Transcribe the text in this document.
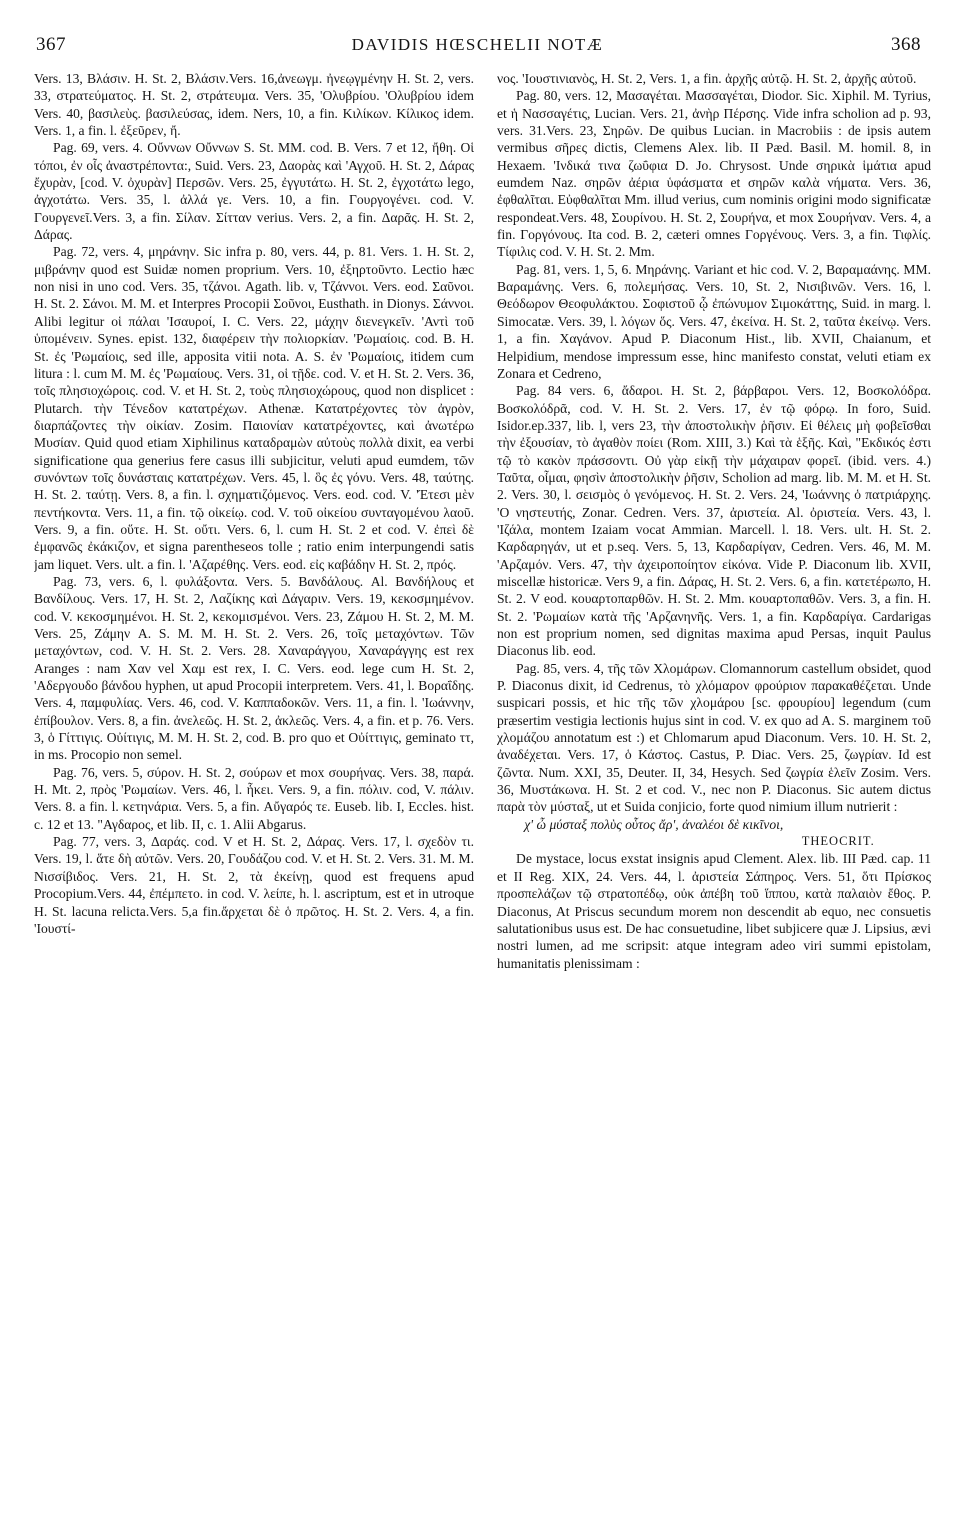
367	DAVIDIS HŒSCHELII NOTÆ	368

Vers. 13, Βλάσιν. H. St. 2, Βλάσιν.Vers. 16,ἀνεωγμ. ἠνεῳγμένην H. St. 2, vers. 33, στρατεύματος. H. St. 2, στράτευμα. Vers. 35, 'Ολυβρίου. 'Ολυβρίου idem Vers. 40, βασιλεὺς. βασιλεύσας, idem. Ners, 10, a fin. Κιλίκων. Κίλικος idem. Vers. 1, a fin. l. ἐξεῦρεν, ἤ.

Pag. 69, vers. 4. Οὔννων Οὔννων S. St. MM. cod. B. Vers. 7 et 12, ἤθη. Οἱ τόποι, ἐν οἷς ἀναστρέποντα:, Suid. Vers. 23, Δαορὰς καὶ 'Αγχοῦ. H. St. 2, Δάρας ἔχυρὰν, [cod. V. ὀχυρὰν] Περσῶν. Vers. 25, ἐγγυτάτω. H. St. 2, ἐγχοτάτω lego, ἀγχοτάτω. Vers. 35, l. ἀλλά γε. Vers. 10, a fin. Γουργογένει. cod. V. Γουργενεῖ.Vers. 3, a fin. Σίλαν. Σίτταν verius. Vers. 2, a fin. Δαρᾶς. H. St. 2, Δάρας.

Pag. 72, vers. 4, μηράνην. Sic infra p. 80, vers. 44, p. 81. Vers. 1. H. St. 2, μιβράνην quod est Suidæ nomen proprium. Vers. 10, ἐξηρτοῦντο. Lectio hæc non nisi in uno cod. Vers. 35, τζάνοι. Agath. lib. v, Τζάννοι. Vers. eod. Σαῦνοι. H. St. 2. Σάνοι. M. M. et Interpres Procopii Σοῦνοι, Eusthath. in Dionys. Σάννοι. Alibi legitur οἱ πάλαι 'Ισαυροί, I. C. Vers. 22, μάχην διενεγκεῖν. 'Αντὶ τοῦ ὑπομένειν. Synes. epist. 132, διαφέρειν τὴν πολιορκίαν. 'Ρωμαίοις. cod. B. H. St. ἐς 'Ρωμαίοις, sed ille, apposita vitii nota. A. S. ἐν 'Ρωμαίοις, itidem cum litura : l. cum M. M. ἐς 'Ρωμαίους. Vers. 31, οἱ τῇδε. cod. V. et H. St. 2. Vers. 36, τοῖς πλησιοχώροις. cod. V. et H. St. 2, τοὺς πλησιοχώρους, quod non displicet : Plutarch. τὴν Τένεδον κατατρέχων. Athenæ. Κατατρέχοντες τὸν ἀγρὸν, διαρπάζοντες τὴν οἰκίαν. Zosim. Παιονίαν κατατρέχοντες, καὶ ἀνωτέρω Μυσίαν. Quid quod etiam Xiphilinus καταδραμὼν αὐτοὺς πολλὰ dixit, ea verbi significatione qua generius fere casus illi subjicitur, veluti apud eumdem, τῶν συνόντων τοῖς δυνάσταις κατατρέχων. Vers. 45, l. ὃς ἐς γόνυ. Vers. 48, ταύτης. H. St. 2. ταύτῃ. Vers. 8, a fin. l. σχηματιζόμενος. Vers. eod. cod. V. 'Έτεσι μὲν πεντήκοντα. Vers. 11, a fin. τῷ οἰκείῳ. cod. V. τοῦ οἰκείου συνταγομένου λαοῦ. Vers. 9, a fin. οὕτε. H. St. οὔτι. Vers. 6, l. cum H. St. 2 et cod. V. ἐπεὶ δὲ ἐμφανῶς ἐκάκιζον, et signa parentheseos tolle ; ratio enim interpungendi satis jam liquet. Vers. ult. a fin. l. 'Αζαρέθης. Vers. eod. εἰς καβάδην H. St. 2, πρός.

Pag. 73, vers. 6, l. φυλάξοντα. Vers. 5. Βανδάλους. Al. Βανδήλους et Βανδίλους. Vers. 17, H. St. 2, Λαζίκης καὶ Δάγαριν. Vers. 19, κεκοσμημένον. cod. V. κεκοσμημένοι. H. St. 2, κεκομισμένοι. Vers. 23, Ζάμου H. St. 2, M. M. Vers. 25, Ζάμην A. S. M. M. H. St. 2. Vers. 26, τοῖς μεταχόντων. Τῶν μεταχόντων, cod. V. H. St. 2. Vers. 28. Χαναράγγου, Χαναράγγης est rex Aranges : nam Χαν vel Χαμ est rex, I. C. Vers. eod. lege cum H. St. 2, 'Αδεργουδο βάνδου hyphen, ut apud Procopii interpretem. Vers. 41, l. Βοραΐδης. Vers. 4, παμφυλίας. Vers. 46, cod. V. Καππαδοκῶν. Vers. 11, a fin. l. 'Ιωάννην, ἐπίβουλον. Vers. 8, a fin. ἀνελεῶς. H. St. 2, ἀκλεῶς. Vers. 4, a fin. et p. 76. Vers. 3, ὁ Γίττιγις. Οὐίτιγις, M. M. H. St. 2, cod. B. pro quo et Οὐίττιγις, geminato ττ, in ms. Procopio non semel.

Pag. 76, vers. 5, σύρον. H. St. 2, σούρων et mox σουρήνας. Vers. 38, παρά. H. Mt. 2, πρὸς 'Ρωμαίων. Vers. 46, l. ἧκει. Vers. 9, a fin. πόλιν. cod, V. πάλιν. Vers. 8. a fin. l. κετηνάρια. Vers. 5, a fin. Αὔγαρός τε. Euseb. lib. I, Eccles. hist. c. 12 et 13. "Αγδαρος, et lib. II, c. 1. Alii Abgarus.

Pag. 77, vers. 3, Δαράς. cod. V et H. St. 2, Δάρας. Vers. 17, l. σχεδὸν τι. Vers. 19, l. ἅτε δὴ αὐτῶν. Vers. 20, Γουδάζου cod. V. et H. St. 2. Vers. 31. M. M. Νισσίβιδος. Vers. 21, H. St. 2, τὰ ἐκείνῃ, quod est frequens apud Procopium.Vers. 44, ἐπέμπετο. in cod. V. λείπε, h. l. ascriptum, est et in utroque H. St. lacuna relicta.Vers. 5,a fin.ἄρχεται δὲ ὁ πρῶτος. H. St. 2. Vers. 4, a fin. 'Ιουστί-

νος. 'Ιουστινιανὸς, H. St. 2, Vers. 1, a fin. ἀρχῆς αὐτῷ. H. St. 2, ἀρχῆς αὐτοῦ.

Pag. 80, vers. 12, Μασαγέται. Μασσαγέται, Diodor. Sic. Xiphil. M. Tyrius, et ἡ Νασσαγέτις, Lucian. Vers. 21, ἀνὴρ Πέρσης. Vide infra scholion ad p. 93, vers. 31.Vers. 23, Σηρῶν. De quibus Lucian. in Macrobiis : de ipsis autem vermibus σῆρες dictis, Clemens Alex. lib. II Pæd. Basil. M. homil. 8, in Hexaem. 'Ινδικά τινα ζωΰφια D. Jo. Chrysost. Unde σηρικὰ ἱμάτια apud eumdem Naz. σηρῶν ἀέρια ὑφάσματα et σηρῶν καλὰ νήματα. Vers. 36, ἐφθαλῖται. Εὐφθαλῖται Mm. illud verius, cum nominis origini modo significatæ respondeat.Vers. 48, Σουρίνου. H. St. 2, Σουρήνα, et mox Σουρήναν. Vers. 4, a fin. Γοργόνους. Ita cod. B. 2, cæteri omnes Γοργένους. Vers. 3, a fin. Τιφλίς. Τίφιλις cod. V. H. St. 2. Mm.

Pag. 81, vers. 1, 5, 6. Μηράνης. Variant et hic cod. V. 2, Βαραμαάνης. MM. Βαραμάνης. Vers. 6, πολεμήσας. Vers. 10, St. 2, Νισιβινῶν. Vers. 16, l. Θεόδωρον Θεοφυλάκτου. Σοφιστοῦ ᾧ ἐπώνυμον Σιμοκάττης, Suid. in marg. l. Simocatæ. Vers. 39, l. λόγων ὅς. Vers. 47, ἐκείνα. H. St. 2, ταῦτα ἐκείνῳ. Vers. 1, a fin. Χαγάνον. Apud P. Diaconum Hist., lib. XVII, Chaianum, et Helpidium, mendose impressum esse, hinc manifesto constat, veluti etiam ex Zonara et Cedreno,

Pag. 84 vers. 6, ἄδαροι. H. St. 2, βάρβαροι. Vers. 12, Βοσκολόδρα. Βοσκολόδρᾶ, cod. V. H. St. 2. Vers. 17, ἐν τῷ φόρῳ. In foro, Suid. Isidor.ep.337, lib. l, vers 23, τὴν ἀποστολικὴν ῥῆσιν. Εἰ θέλεις μὴ φοβεῖσθαι τὴν ἐξουσίαν, τὸ ἀγαθὸν ποίει (Rom. XIII, 3.) Καὶ τὰ ἑξῆς. Καὶ, "Εκδικός ἐστι τῷ τὸ κακὸν πράσσοντι. Οὐ γὰρ εἰκῇ τὴν μάχαιραν φορεῖ. (ibid. vers. 4.) Ταῦτα, οἶμαι, φησὶν ἀποστολικὴν ῥῆσιν, Scholion ad marg. lib. M. M. et H. St. 2. Vers. 30, l. σεισμὸς ὁ γενόμενος. H. St. 2. Vers. 24, 'Ιωάννης ὁ πατριάρχης. 'Ο νηστευτής, Zonar. Cedren. Vers. 37, ἀριστεία. Al. ὀριστεία. Vers. 43, l. 'Ιζάλα, montem Izaiam vocat Ammian. Marcell. l. 18. Vers. ult. H. St. 2. Καρδαρηγάν, ut et p.seq. Vers. 5, 13, Καρδαρίγαν, Cedren. Vers. 46, M. M. 'Αρζαμόν. Vers. 47, τὴν ἀχειροποίητον εἰκόνα. Vide P. Diaconum lib. XVII, miscellæ historicæ. Vers 9, a fin. Δάρας, H. St. 2. Vers. 6, a fin. κατετέρωπο, H. St. 2. V eod. κουαρτοπαρθῶν. H. St. 2. Mm. κουαρτοπαθῶν. Vers. 3, a fin. H. St. 2. 'Ρωμαίων κατὰ τῆς 'Αρζανηνῆς. Vers. 1, a fin. Καρδαρίγα. Cardarigas non est proprium nomen, sed dignitas maxima apud Persas, inquit Paulus Diaconus lib. eod.

Pag. 85, vers. 4, τῆς τῶν Χλομάρων. Clomannorum castellum obsidet, quod P. Diaconus dixit, id Cedrenus, τὸ χλόμαρον φρούριον παρακαθέζεται. Unde suspicari possis, et hic τῆς τῶν χλομάρου [sc. φρουρίου] legendum (cum præsertim vestigia lectionis hujus sint in cod. V. ex quo ad A. S. marginem τοῦ χλομάζου annotatum est :) et Chlomarum apud Diaconum. Vers. 10. H. St. 2, ἀναδέχεται. Vers. 17, ὁ Κάστος. Castus, P. Diac. Vers. 25, ζωγρίαν. Id est ζῶντα. Num. XXI, 35, Deuter. II, 34, Hesych. Sed ζωγρία ἑλεῖν Zosim. Vers. 36, Μυστάκωνα. H. St. 2 et cod. V., nec non P. Diaconus. Sic autem dictus παρὰ τὸν μύσταξ, ut et Suida conjicio, forte quod nimium illum nutrierit :

χ' ὦ μύσταξ πολὺς οὗτος ἄρ', ἀναλέοι δὲ κικῖνοι,

THEOCRIT.

De mystace, locus exstat insignis apud Clement. Alex. lib. III Pæd. cap. 11 et II Reg. XIX, 24. Vers. 44, l. ἀριστεία Σάπηρος. Vers. 51, ὅτι Πρίσκος προσπελάζων τῷ στρατοπέδῳ, οὐκ ἀπέβη τοῦ ἵππου, κατὰ παλαιὸν ἔθος. P. Diaconus, At Priscus secundum morem non descendit ab equo, nec consuetis salutationibus usus est. De hac consuetudine, libet subjicere quæ J. Lipsius, ævi nostri lumen, ad me scripsit: atque integram adeo viri summi epistolam, humanitatis plenissimam :
